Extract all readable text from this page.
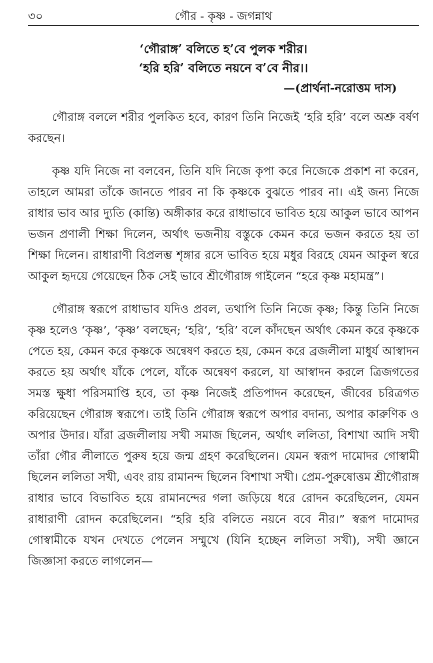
৩০	গৌর - কৃষ্ণ - জগন্নাথ
‘গৌরাঙ্গ’ বলিতে হ’বে পুলক শরীর।
‘হরি হরি’ বলিতে নয়নে ব’বে নীর।।
—(প্রার্থনা-নরোত্তম দাস)

গৌরাঙ্গ বললে শরীর পুলকিত হবে, কারণ তিনি নিজেই ‘হরি হরি’ বলে অশ্রু বর্ষণ করছেন।

কৃষ্ণ যদি নিজে না বলবেন, তিনি যদি নিজে কৃপা করে নিজেকে প্রকাশ না করেন, তাহলে আমরা তাঁকে জানতে পারব না কি কৃষ্ণকে বুঝতে পারব না। এই জন্য নিজে রাধার ভাব আর দ্যুতি (কান্তি) অঙ্গীকার করে রাধাভাবে ভাবিত হয়ে আকুল ভাবে আপন ভজন প্রণালী শিক্ষা দিলেন, অর্থাৎ ভজনীয় বস্তুকে কেমন করে ভজন করতে হয় তা শিক্ষা দিলেন। রাধারাণী বিপ্রলম্ভ শৃঙ্গার রসে ভাবিত হয়ে মধুর বিরহে যেমন আকুল স্বরে আকুল হৃদয়ে গেয়েছেন ঠিক সেই ভাবে শ্রীগৌরাঙ্গ গাইলেন “হরে কৃষ্ণ মহামন্ত্র”।

গৌরাঙ্গ স্বরূপে রাধাভাব যদিও প্রবল, তথাপি তিনি নিজে কৃষ্ণ; কিন্তু তিনি নিজে কৃষ্ণ হলেও ‘কৃষ্ণ’, ‘কৃষ্ণ’ বলছেন; ‘হরি’, ‘হরি’ বলে কাঁদছেন অর্থাৎ কেমন করে কৃষ্ণকে পেতে হয়, কেমন করে কৃষ্ণকে অন্বেষণ করতে হয়, কেমন করে ব্রজলীলা মাধুর্য আস্বাদন করতে হয় অর্থাৎ যাঁকে পেলে, যাঁকে অন্বেষণ করলে, যা আস্বাদন করলে ত্রিজগতের সমস্ত ক্ষুধা পরিসমাপ্তি হবে, তা কৃষ্ণ নিজেই প্রতিপাদন করেছেন, জীবের চরিত্রগত করিয়েছেন গৌরাঙ্গ স্বরূপে। তাই তিনি গৌরাঙ্গ স্বরূপে অপার বদান্য, অপার কারুণিক ও অপার উদার। যাঁরা ব্রজলীলায় সখী সমাজ ছিলেন, অর্থাৎ ললিতা, বিশাখা আদি সখী তাঁরা গৌর লীলাতে পুরুষ হয়ে জন্ম গ্রহণ করেছিলেন। যেমন স্বরূপ দামোদর গোস্বামী ছিলেন ললিতা সখী, এবং রায় রামানন্দ ছিলেন বিশাখা সখী। প্রেম-পুরুষোত্তম শ্রীগৌরাঙ্গ রাধার ভাবে বিভাবিত হয়ে রামানন্দের গলা জড়িয়ে ধরে রোদন করেছিলেন, যেমন রাধারাণী রোদন করেছিলেন। “হরি হরি বলিতে নয়নে ববে নীর।” স্বরূপ দামোদর গোস্বামীকে যখন দেখতে পেলেন সম্মুখে (যিনি হচ্ছেন ললিতা সখী), সখী জ্ঞানে জিজ্ঞাসা করতে লাগলেন—
